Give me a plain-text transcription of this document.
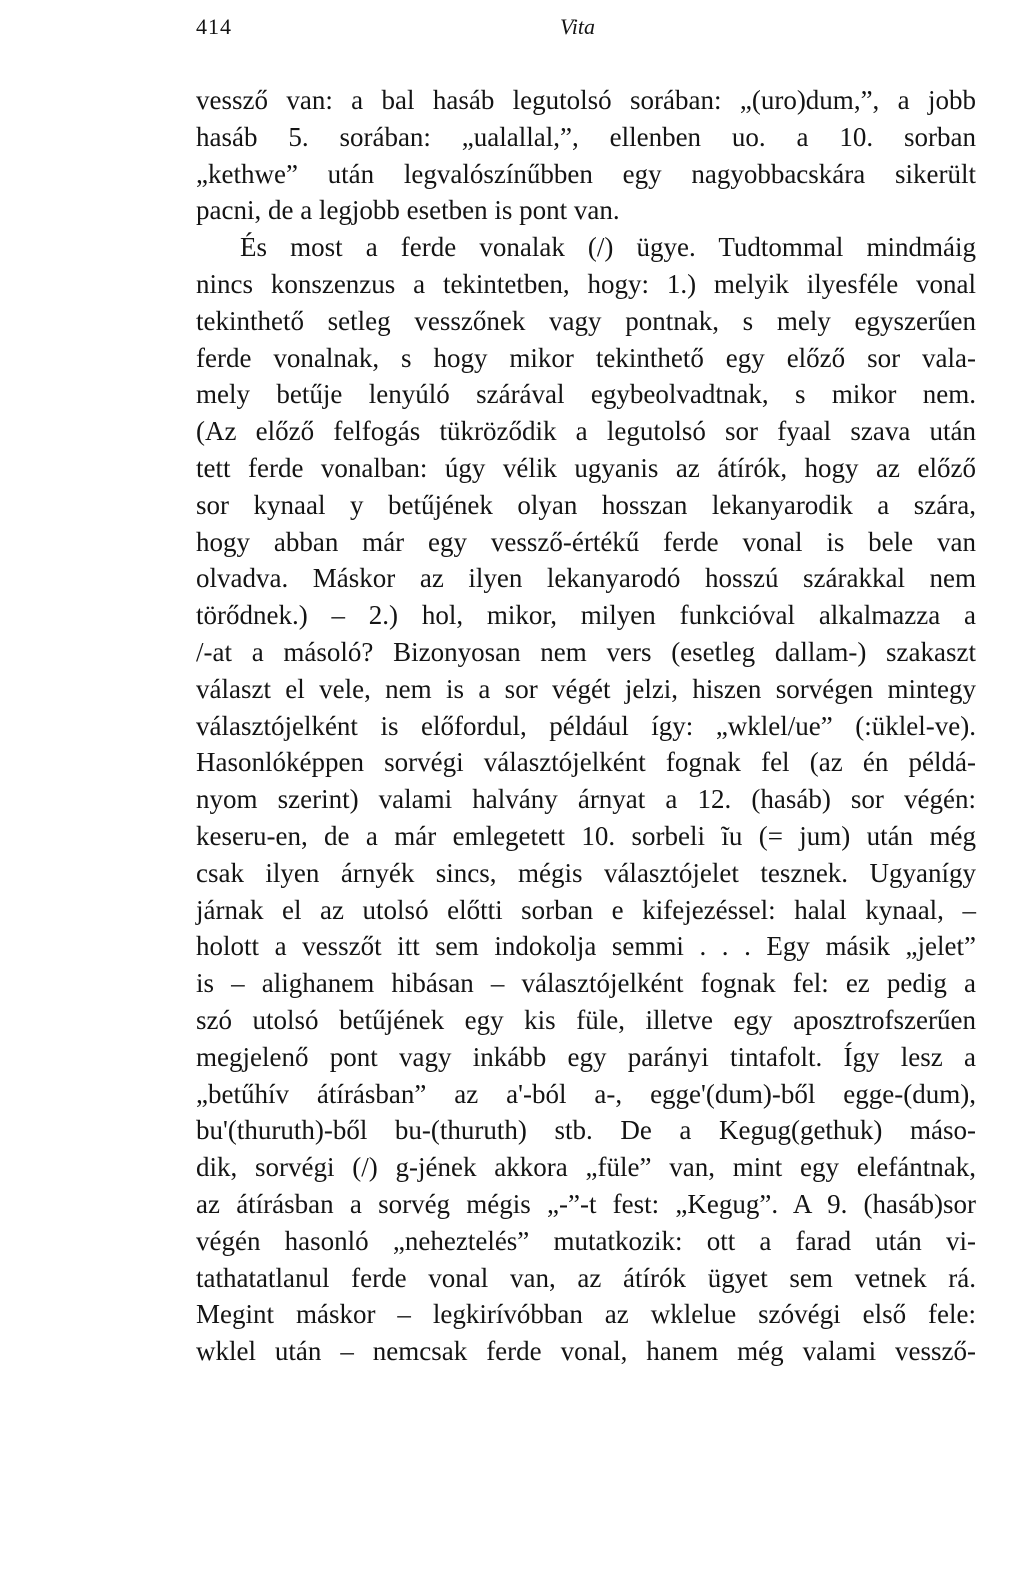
414	Vita
vessző van: a bal hasáb legutolsó sorában: „(uro)dum,”, a jobb
hasáb 5. sorában: „ualallal,”, ellenben uo. a 10. sorban
„kethwe” után legvalószínűbben egy nagyobbacskára sikerült
pacni, de a legjobb esetben is pont van.
És most a ferde vonalak (/) ügye. Tudtommal mindmáig
nincs konszenzus a tekintetben, hogy: 1.) melyik ilyesféle vonal
tekinthető setleg vesszőnek vagy pontnak, s mely egyszerűen
ferde vonalnak, s hogy mikor tekinthető egy előző sor vala-
mely betűje lenyúló szárával egybeolvadtnak, s mikor nem.
(Az előző felfogás tükröződik a legutolsó sor fyaal szava után
tett ferde vonalban: úgy vélik ugyanis az átírók, hogy az előző
sor kynaal y betűjének olyan hosszan lekanyarodik a szára,
hogy abban már egy vessző-értékű ferde vonal is bele van
olvadva. Máskor az ilyen lekanyarodó hosszú szárakkal nem
törődnek.) – 2.) hol, mikor, milyen funkcióval alkalmazza a
/-at a másoló? Bizonyosan nem vers (esetleg dallam-) szakaszt
választ el vele, nem is a sor végét jelzi, hiszen sorvégen mintegy
választójelként is előfordul, például így: „wklel/ue” (:üklel-ve).
Hasonlóképpen sorvégi választójelként fognak fel (az én példá-
nyom szerint) valami halvány árnyat a 12. (hasáb) sor végén:
keseru-en, de a már emlegetett 10. sorbeli ĩu (= jum) után még
csak ilyen árnyék sincs, mégis választójelet tesznek. Ugyanígy
járnak el az utolsó előtti sorban e kifejezéssel: halal kynaal, –
holott a vesszőt itt sem indokolja semmi . . . Egy másik „jelet”
is – alighanem hibásan – választójelként fognak fel: ez pedig a
szó utolsó betűjének egy kis füle, illetve egy aposztrofszerűen
megjelenő pont vagy inkább egy parányi tintafolt. Így lesz a
„betűhív átírásban” az a'-ból a-, egge'(dum)-ből egge-(dum),
bu'(thuruth)-ből bu-(thuruth) stb. De a Kegug(gethuk) máso-
dik, sorvégi (/) g-jének akkora „füle” van, mint egy elefántnak,
az átírásban a sorvég mégis „-”-t fest: „Kegug”. A 9. (hasáb)sor
végén hasonló „neheztelés” mutatkozik: ott a farad után vi-
tathatatlanul ferde vonal van, az átírók ügyet sem vetnek rá.
Megint máskor – legkirívóbban az wklelue szóvégi első fele:
wklel után – nemcsak ferde vonal, hanem még valami vessző-
